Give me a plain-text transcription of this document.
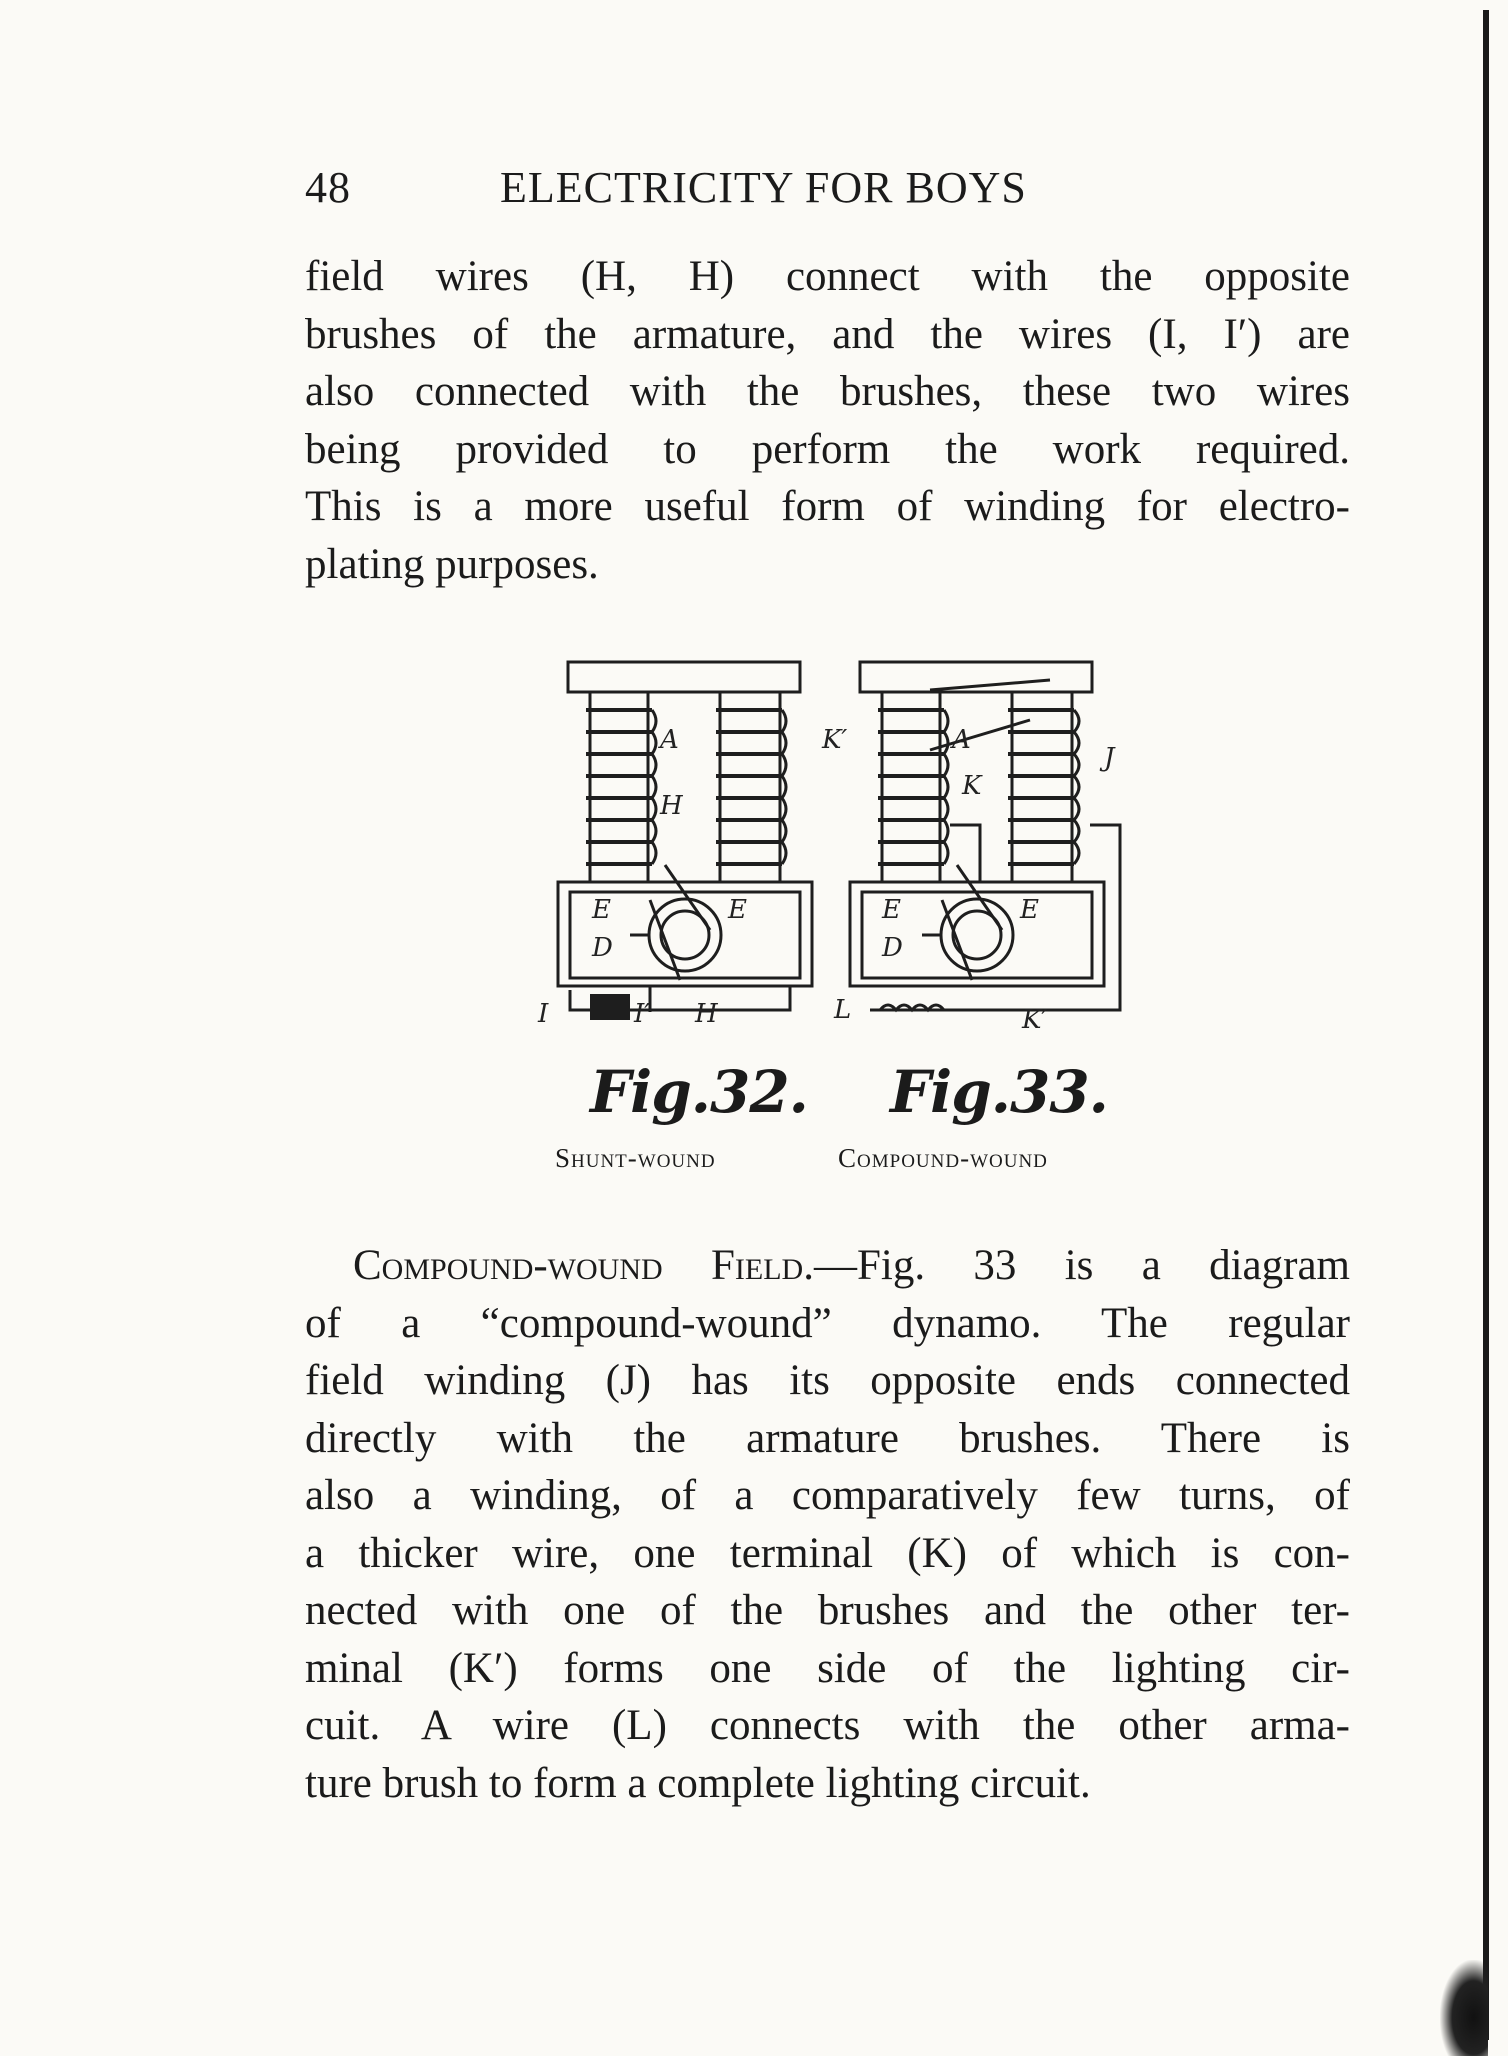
48	ELECTRICITY FOR BOYS
field wires (H, H) connect with the opposite
brushes of the armature, and the wires (I, I′) are
also connected with the brushes, these two wires
being provided to perform the work required.
This is a more useful form of winding for electro-
plating purposes.
A
H
E	E
D
I	I′ H
A
K′
K
J
E	E
D
L	K′
Fig.32. Fig.33.
Shunt-wound	Compound-wound
Compound-wound Field.—Fig. 33 is a diagram
of a “compound-wound” dynamo. The regular
field winding (J) has its opposite ends connected
directly with the armature brushes. There is
also a winding, of a comparatively few turns, of
a thicker wire, one terminal (K) of which is con-
nected with one of the brushes and the other ter-
minal (K′) forms one side of the lighting cir-
cuit. A wire (L) connects with the other arma-
ture brush to form a complete lighting circuit.
